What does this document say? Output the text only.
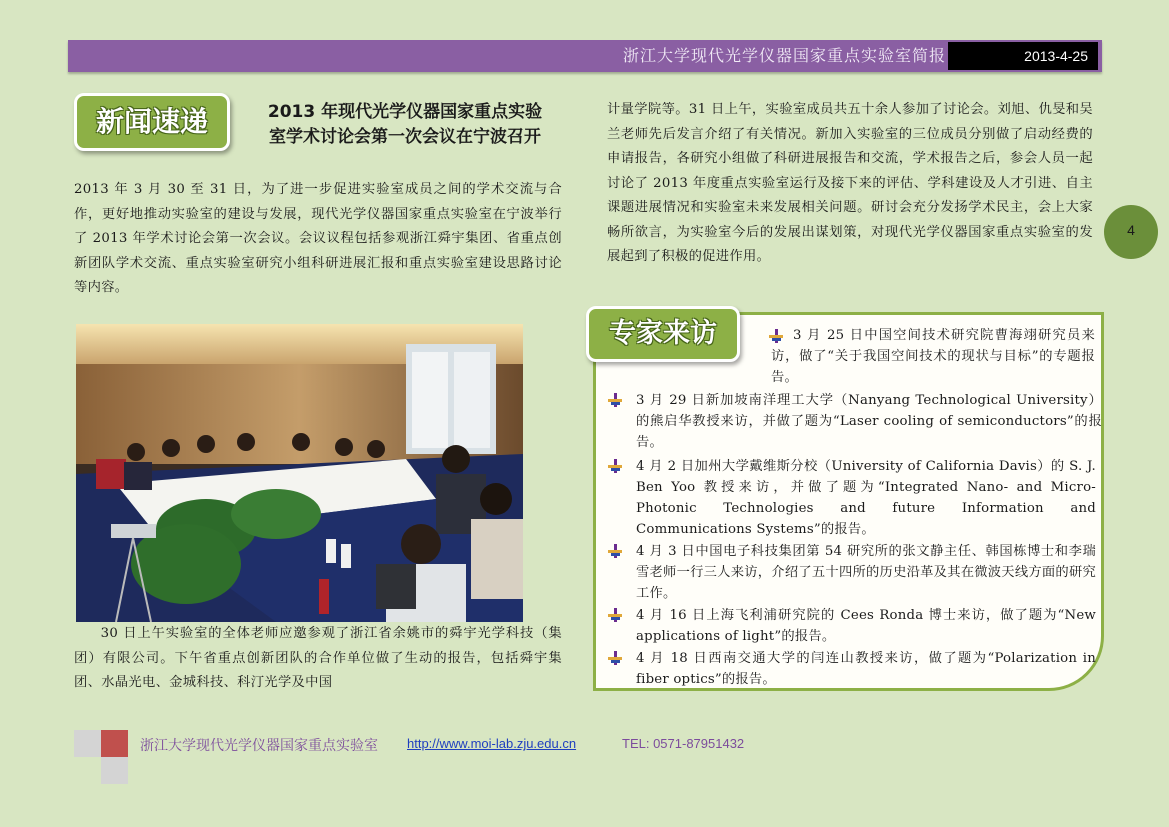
浙江大学现代光学仪器国家重点实验室简报	2013-4-25
新闻速递	2013 年现代光学仪器国家重点实验
室学术讨论会第一次会议在宁波召开
2013 年 3 月 30 至 31 日，为了进一步促进实验室成员之间的学术交流与合作，更好地推动实验室的建设与发展，现代光学仪器国家重点实验室在宁波举行了 2013 年学术讨论会第一次会议。会议议程包括参观浙江舜宇集团、省重点创新团队学术交流、重点实验室研究小组科研进展汇报和重点实验室建设思路讨论等内容。
30 日上午实验室的全体老师应邀参观了浙江省余姚市的舜宇光学科技（集团）有限公司。下午省重点创新团队的合作单位做了生动的报告，包括舜宇集团、水晶光电、金城科技、科汀光学及中国
计量学院等。31 日上午，实验室成员共五十余人参加了讨论会。刘旭、仇旻和吴兰老师先后发言介绍了有关情况。新加入实验室的三位成员分别做了启动经费的申请报告，各研究小组做了科研进展报告和交流，学术报告之后，参会人员一起讨论了 2013 年度重点实验室运行及接下来的评估、学科建设及人才引进、自主课题进展情况和实验室未来发展相关问题。研讨会充分发扬学术民主，会上大家畅所欲言，为实验室今后的发展出谋划策，对现代光学仪器国家重点实验室的发展起到了积极的促进作用。
3 月 25 日中国空间技术研究院曹海翊研究员来访，做了“关于我国空间技术的现状与目标”的专题报告。
3 月 29 日新加坡南洋理工大学（Nanyang Technological University）的熊启华教授来访，并做了题为“Laser cooling of semiconductors”的报告。
4 月 2 日加州大学戴维斯分校（University of California Davis）的 S. J. Ben Yoo 教授来访，并做了题为“Integrated Nano- and Micro-Photonic Technologies and future Information and Communications Systems”的报告。
4 月 3 日中国电子科技集团第 54 研究所的张文静主任、韩国栋博士和李瑞雪老师一行三人来访，介绍了五十四所的历史沿革及其在微波天线方面的研究工作。
4 月 16 日上海飞利浦研究院的 Cees Ronda 博士来访，做了题为“New applications of light”的报告。
4 月 18 日西南交通大学的闫连山教授来访，做了题为“Polarization in fiber optics”的报告。
专家来访
4
浙江大学现代光学仪器国家重点实验室 http://www.moi-lab.zju.edu.cn	TEL: 0571-87951432
